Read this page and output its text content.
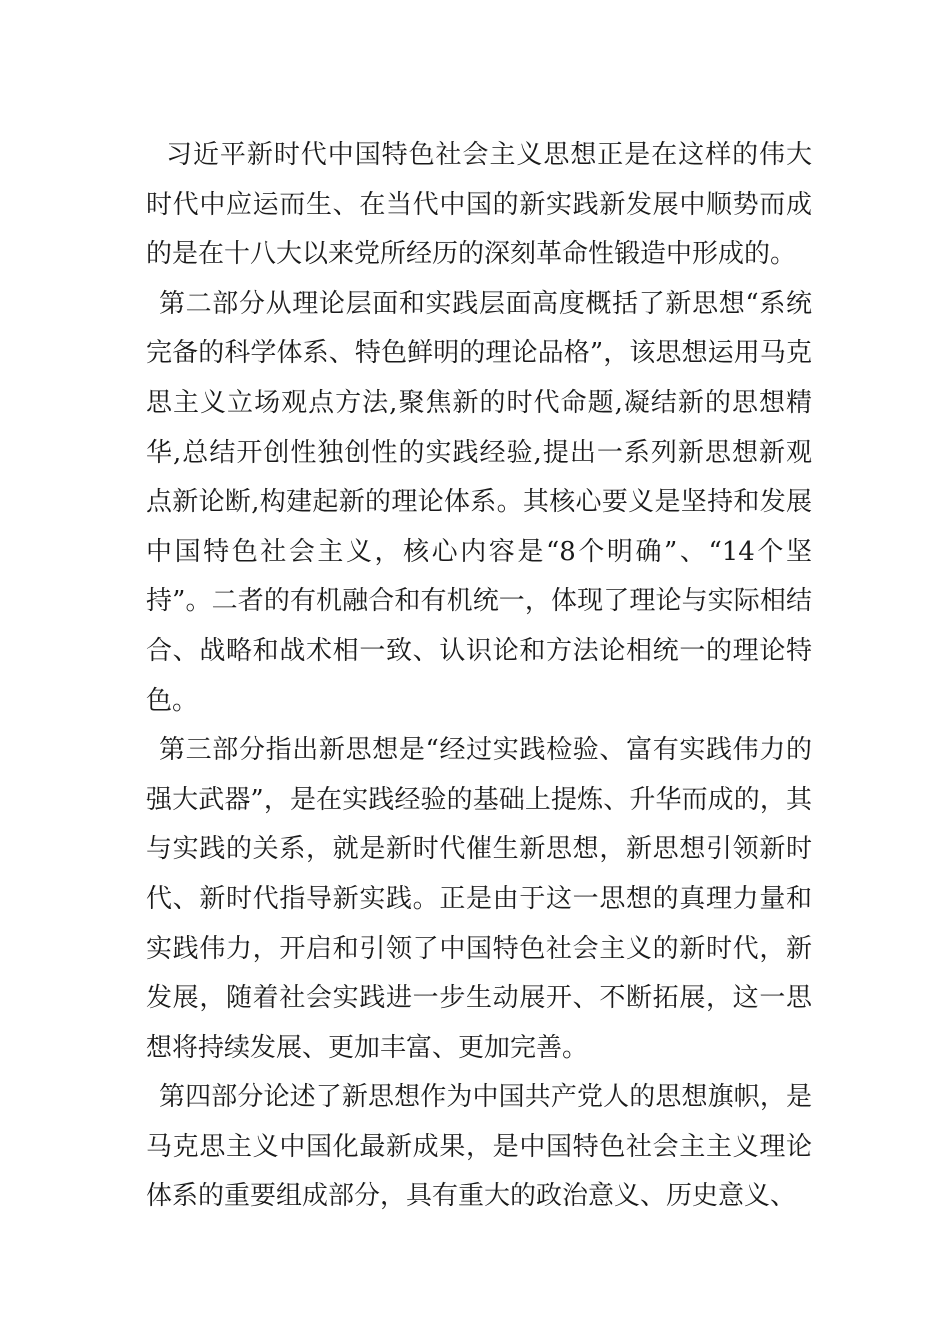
习近平新时代中国特色社会主义思想正是在这样的伟大时代中应运而生、在当代中国的新实践新发展中顺势而成的是在十八大以来党所经历的深刻革命性锻造中形成的。

第二部分从理论层面和实践层面高度概括了新思想“系统完备的科学体系、特色鲜明的理论品格”，该思想运用马克思主义立场观点方法,聚焦新的时代命题,凝结新的思想精华,总结开创性独创性的实践经验,提出一系列新思想新观点新论断,构建起新的理论体系。其核心要义是坚持和发展中国特色社会主义，核心内容是“8个明确”、“14个坚持”。二者的有机融合和有机统一，体现了理论与实际相结合、战略和战术相一致、认识论和方法论相统一的理论特色。

第三部分指出新思想是“经过实践检验、富有实践伟力的强大武器”，是在实践经验的基础上提炼、升华而成的，其与实践的关系，就是新时代催生新思想，新思想引领新时代、新时代指导新实践。正是由于这一思想的真理力量和实践伟力，开启和引领了中国特色社会主义的新时代，新发展，随着社会实践进一步生动展开、不断拓展，这一思想将持续发展、更加丰富、更加完善。

第四部分论述了新思想作为中国共产党人的思想旗帜，是马克思主义中国化最新成果，是中国特色社会主主义理论体系的重要组成部分，具有重大的政治意义、历史意义、
